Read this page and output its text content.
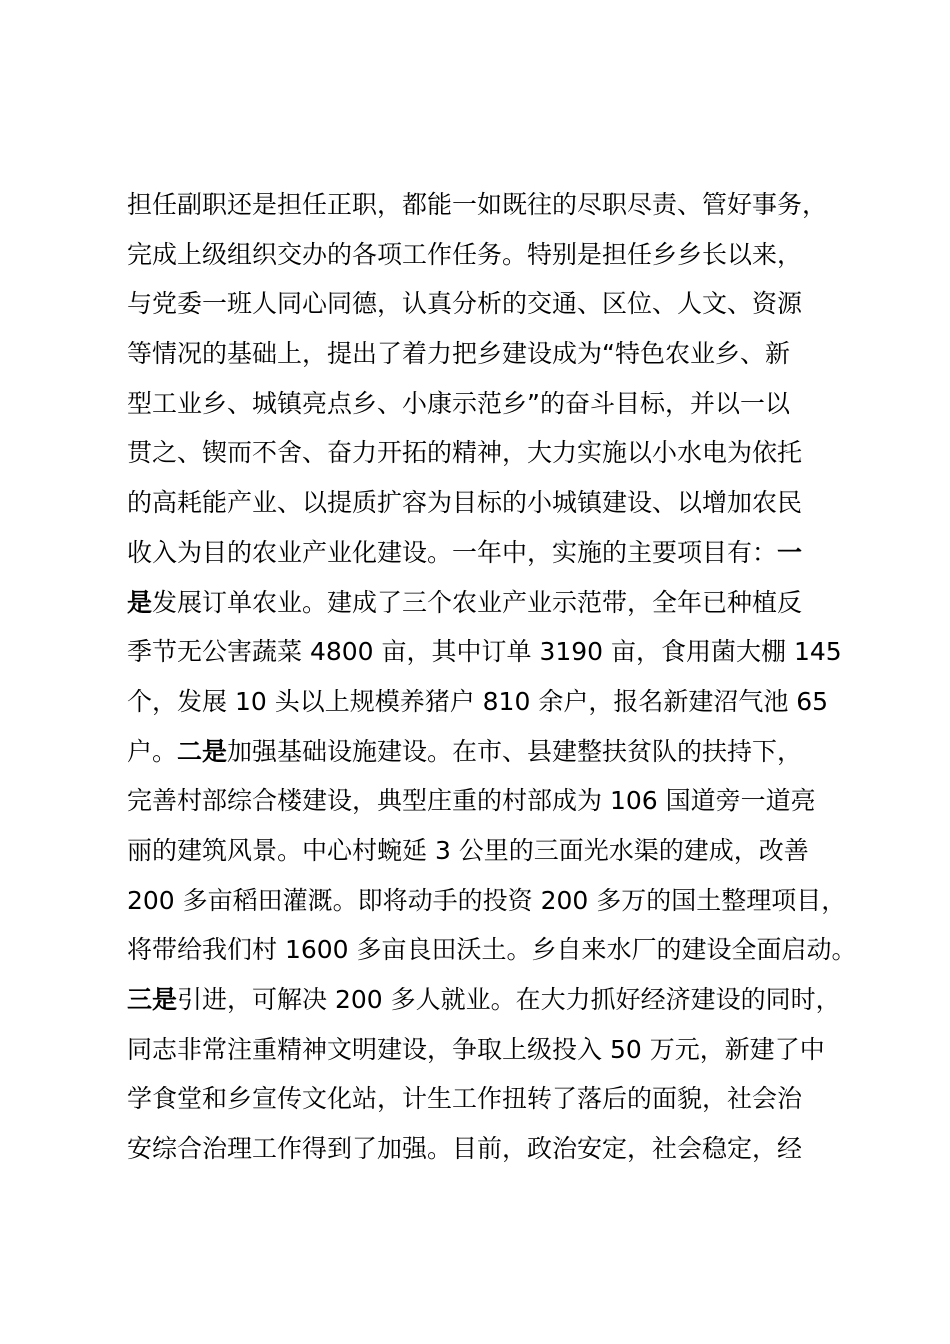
担任副职还是担任正职，都能一如既往的尽职尽责、管好事务，
完成上级组织交办的各项工作任务。特别是担任乡乡长以来，
与党委一班人同心同德，认真分析的交通、区位、人文、资源
等情况的基础上，提出了着力把乡建设成为“特色农业乡、新
型工业乡、城镇亮点乡、小康示范乡”的奋斗目标，并以一以
贯之、锲而不舍、奋力开拓的精神，大力实施以小水电为依托
的高耗能产业、以提质扩容为目标的小城镇建设、以增加农民
收入为目的农业产业化建设。一年中，实施的主要项目有：一
是发展订单农业。建成了三个农业产业示范带，全年已种植反
季节无公害蔬菜 4800 亩，其中订单 3190 亩，食用菌大棚 145
个，发展 10 头以上规模养猪户 810 余户，报名新建沼气池 65
户。二是加强基础设施建设。在市、县建整扶贫队的扶持下，
完善村部综合楼建设，典型庄重的村部成为 106 国道旁一道亮
丽的建筑风景。中心村蜿延 3 公里的三面光水渠的建成，改善
200 多亩稻田灌溉。即将动手的投资 200 多万的国土整理项目，
将带给我们村 1600 多亩良田沃土。乡自来水厂的建设全面启动。
三是引进，可解决 200 多人就业。在大力抓好经济建设的同时，
同志非常注重精神文明建设，争取上级投入 50 万元，新建了中
学食堂和乡宣传文化站，计生工作扭转了落后的面貌，社会治
安综合治理工作得到了加强。目前，政治安定，社会稳定，经
